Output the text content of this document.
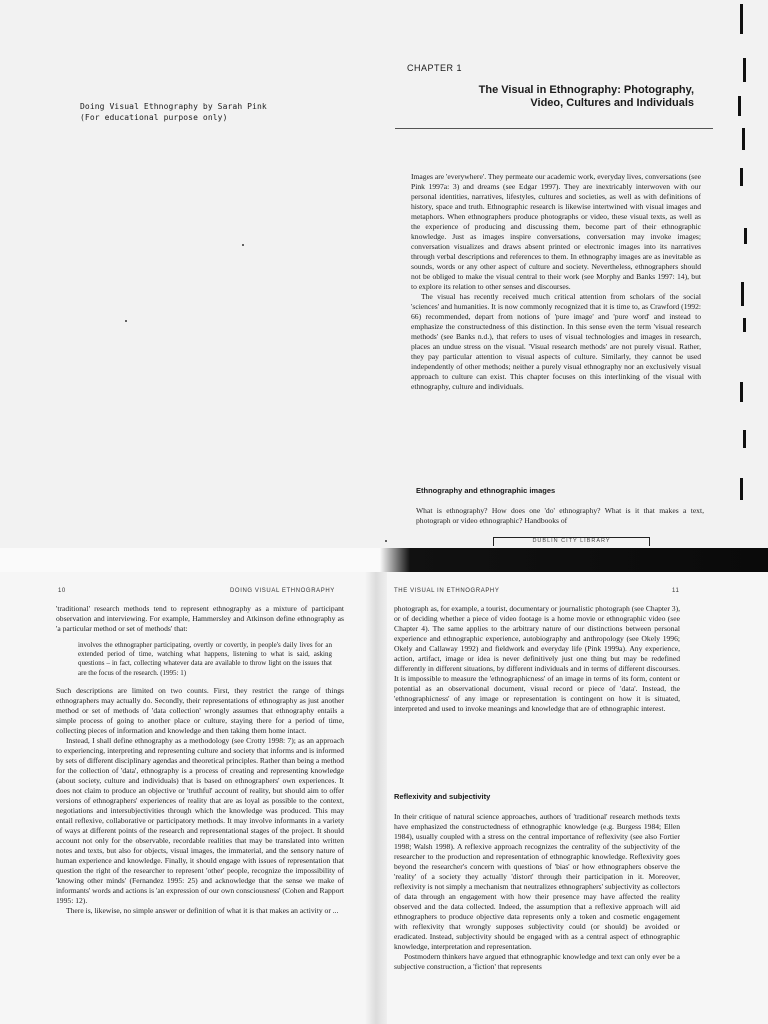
Doing Visual Ethnography by Sarah Pink
(For educational purpose only)
CHAPTER 1
The Visual in Ethnography: Photography,
Video, Cultures and Individuals

Images are 'everywhere'. They permeate our academic work, everyday lives, conversations (see Pink 1997a: 3) and dreams (see Edgar 1997). They are inextricably interwoven with our personal identities, narratives, lifestyles, cultures and societies, as well as with definitions of history, space and truth. Ethnographic research is likewise intertwined with visual images and metaphors. When ethnographers produce photographs or video, these visual texts, as well as the experience of producing and discussing them, become part of their ethnographic knowledge. Just as images inspire conversations, conversation may invoke images; conversation visualizes and draws absent printed or electronic images into its narratives through verbal descriptions and references to them. In ethnography images are as inevitable as sounds, words or any other aspect of culture and society. Nevertheless, ethnographers should not be obliged to make the visual central to their work (see Morphy and Banks 1997: 14), but to explore its relation to other senses and discourses.

The visual has recently received much critical attention from scholars of the social 'sciences' and humanities. It is now commonly recognized that it is time to, as Crawford (1992: 66) recommended, depart from notions of 'pure image' and 'pure word' and instead to emphasize the constructedness of this distinction. In this sense even the term 'visual research methods' (see Banks n.d.), that refers to uses of visual technologies and images in research, places an undue stress on the visual. 'Visual research methods' are not purely visual. Rather, they pay particular attention to visual aspects of culture. Similarly, they cannot be used independently of other methods; neither a purely visual ethnography nor an exclusively visual approach to culture can exist. This chapter focuses on this interlinking of the visual with ethnography, culture and individuals.

Ethnography and ethnographic images

What is ethnography? How does one 'do' ethnography? What is it that makes a text, photograph or video ethnographic? Handbooks of

DUBLIN CITY LIBRARY
10	DOING VISUAL ETHNOGRAPHY

'traditional' research methods tend to represent ethnography as a mixture of participant observation and interviewing. For example, Hammersley and Atkinson define ethnography as 'a particular method or set of methods' that:

involves the ethnographer participating, overtly or covertly, in people's daily lives for an extended period of time, watching what happens, listening to what is said, asking questions – in fact, collecting whatever data are available to throw light on the issues that are the focus of the research. (1995: 1)

Such descriptions are limited on two counts. First, they restrict the range of things ethnographers may actually do. Secondly, their representations of ethnography as just another method or set of methods of 'data collection' wrongly assumes that ethnography entails a simple process of going to another place or culture, staying there for a period of time, collecting pieces of information and knowledge and then taking them home intact.

Instead, I shall define ethnography as a methodology (see Crotty 1998: 7); as an approach to experiencing, interpreting and representing culture and society that informs and is informed by sets of different disciplinary agendas and theoretical principles. Rather than being a method for the collection of 'data', ethnography is a process of creating and representing knowledge (about society, culture and individuals) that is based on ethnographers' own experiences. It does not claim to produce an objective or 'truthful' account of reality, but should aim to offer versions of ethnographers' experiences of reality that are as loyal as possible to the context, negotiations and intersubjectivities through which the knowledge was produced. This may entail reflexive, collaborative or participatory methods. It may involve informants in a variety of ways at different points of the research and representational stages of the project. It should account not only for the observable, recordable realities that may be translated into written notes and texts, but also for objects, visual images, the immaterial, and the sensory nature of human experience and knowledge. Finally, it should engage with issues of representation that question the right of the researcher to represent 'other' people, recognize the impossibility of 'knowing other minds' (Fernandez 1995: 25) and acknowledge that the sense we make of informants' words and actions is 'an expression of our own consciousness' (Cohen and Rapport 1995: 12).

There is, likewise, no simple answer or definition of what it is that makes an activity or ...

THE VISUAL IN ETHNOGRAPHY	11

photograph as, for example, a tourist, documentary or journalistic photograph (see Chapter 3), or of deciding whether a piece of video footage is a home movie or ethnographic video (see Chapter 4). The same applies to the arbitrary nature of our distinctions between personal experience and ethnographic experience, autobiography and anthropology (see Okely 1996; Okely and Callaway 1992) and fieldwork and everyday life (Pink 1999a). Any experience, action, artifact, image or idea is never definitively just one thing but may be redefined differently in different situations, by different individuals and in terms of different discourses. It is impossible to measure the 'ethnographicness' of an image in terms of its form, content or potential as an observational document, visual record or piece of 'data'. Instead, the 'ethnographicness' of any image or representation is contingent on how it is situated, interpreted and used to invoke meanings and knowledge that are of ethnographic interest.

Reflexivity and subjectivity

In their critique of natural science approaches, authors of 'traditional' research methods texts have emphasized the constructedness of ethnographic knowledge (e.g. Burgess 1984; Ellen 1984), usually coupled with a stress on the central importance of reflexivity (see also Fortier 1998; Walsh 1998). A reflexive approach recognizes the centrality of the subjectivity of the researcher to the production and representation of ethnographic knowledge. Reflexivity goes beyond the researcher's concern with questions of 'bias' or how ethnographers observe the 'reality' of a society they actually 'distort' through their participation in it. Moreover, reflexivity is not simply a mechanism that neutralizes ethnographers' subjectivity as collectors of data through an engagement with how their presence may have affected the reality observed and the data collected. Indeed, the assumption that a reflexive approach will aid ethnographers to produce objective data represents only a token and cosmetic engagement with reflexivity that wrongly supposes subjectivity could (or should) be avoided or eradicated. Instead, subjectivity should be engaged with as a central aspect of ethnographic knowledge, interpretation and representation.

Postmodern thinkers have argued that ethnographic knowledge and text can only ever be a subjective construction, a 'fiction' that represents
